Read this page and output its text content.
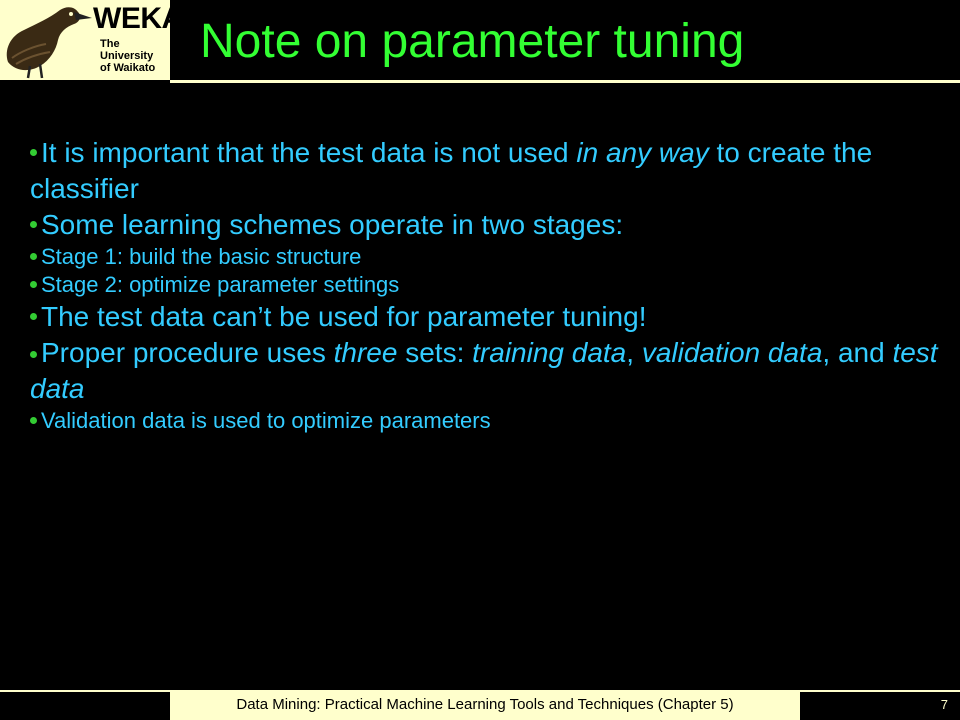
WEKA
The University
of Waikato Note on parameter tuning
It is important that the test data is not used in any way to create the classifier
Some learning schemes operate in two stages:
Stage 1: build the basic structure
Stage 2: optimize parameter settings
The test data can’t be used for parameter tuning!
Proper procedure uses three sets: training data, validation data, and test data
Validation data is used to optimize parameters
Data Mining: Practical Machine Learning Tools and Techniques (Chapter 5)	7
